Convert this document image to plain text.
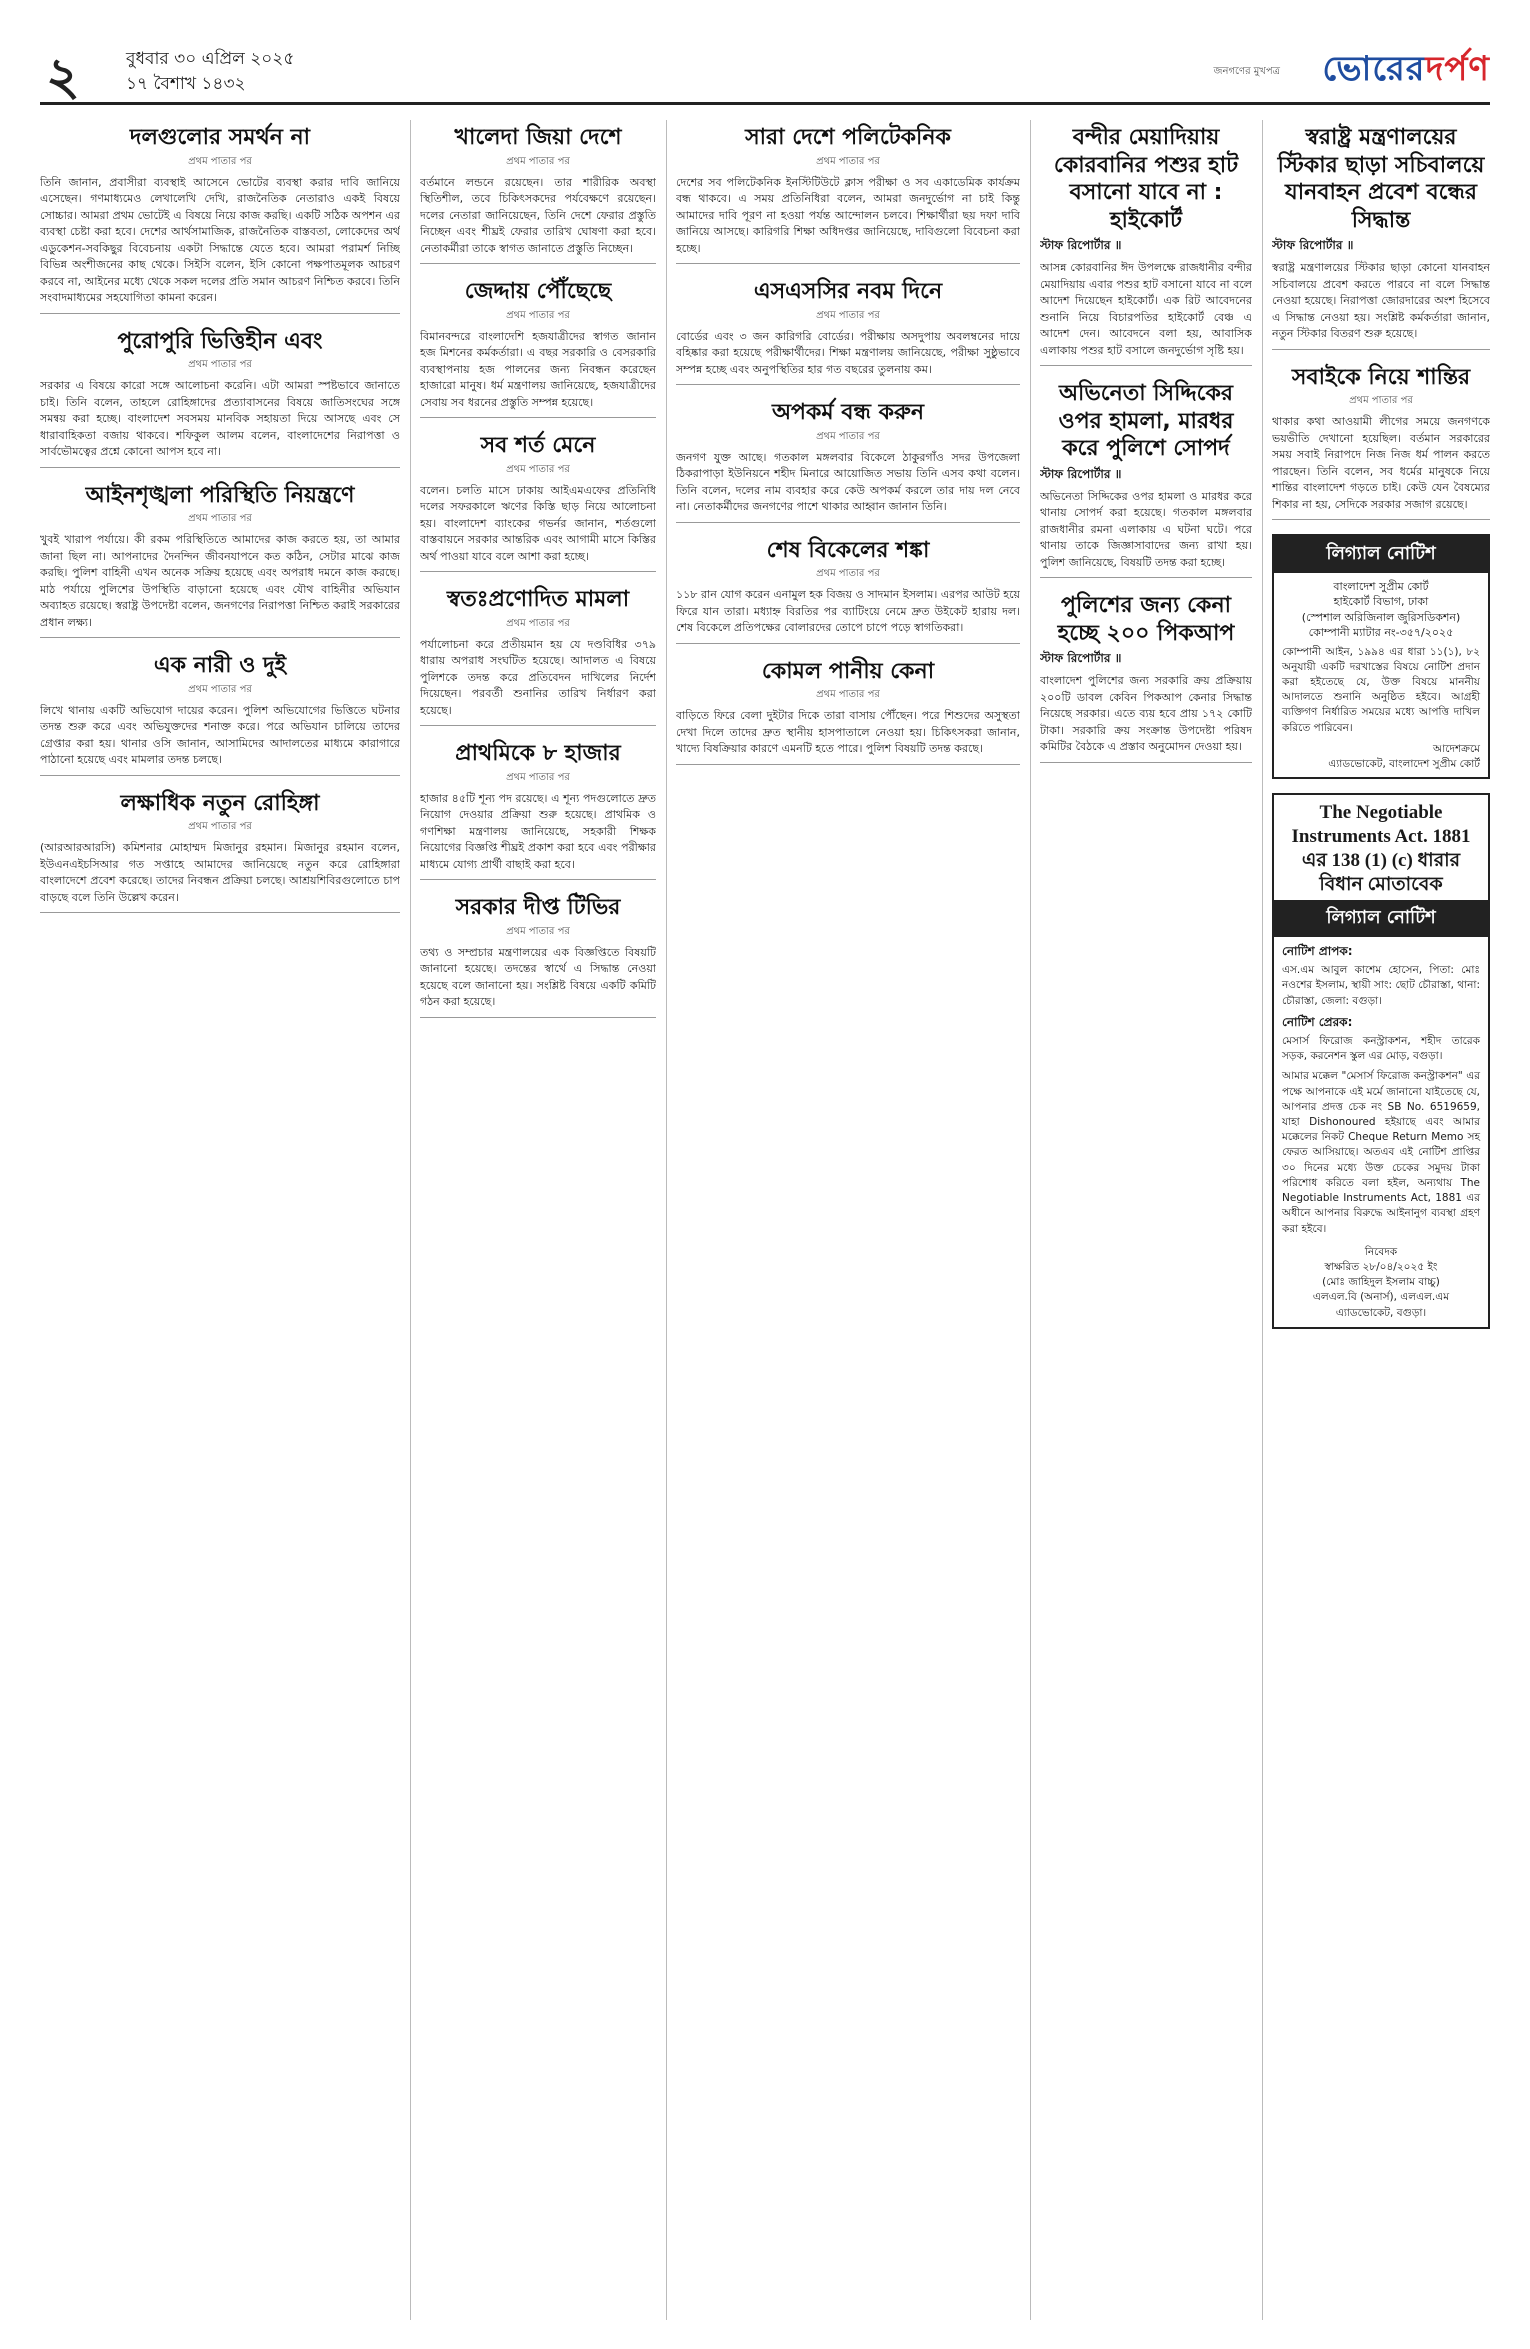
২	বুধবার ৩০ এপ্রিল ২০২৫
১৭ বৈশাখ ১৪৩২
জনগণের মুখপত্র	ভোরেরদর্পণ
দলগুলোর সমর্থন না
প্রথম পাতার পর
তিনি জানান, প্রবাসীরা ব্যবস্থাই আসেনে ভোটের ব্যবস্থা করার দাবি জানিয়ে এসেছেন। গণমাধ্যমেও লেখালেখি দেখি, রাজনৈতিক নেতারাও একই বিষয়ে সোচ্চার। আমরা প্রথম ভোটেই এ বিষয়ে নিয়ে কাজ করছি। একটি সঠিক অপশন এর ব্যবস্থা চেষ্টা করা হবে। দেশের আর্থসামাজিক, রাজনৈতিক বাস্তবতা, লোকেদের অর্থ এডুকেশন-সবকিছুর বিবেচনায় একটা সিদ্ধান্তে যেতে হবে। আমরা পরামর্শ নিচ্ছি বিভিন্ন অংশীজনের কাছ থেকে। সিইসি বলেন, ইসি কোনো পক্ষপাতমূলক আচরণ করবে না, আইনের মধ্যে থেকে সকল দলের প্রতি সমান আচরণ নিশ্চিত করবে। তিনি সংবাদমাধ্যমের সহযোগিতা কামনা করেন।
পুরোপুরি ভিত্তিহীন এবং
প্রথম পাতার পর
সরকার এ বিষয়ে কারো সঙ্গে আলোচনা করেনি। এটা আমরা স্পষ্টভাবে জানাতে চাই। তিনি বলেন, তাহলে রোহিঙ্গাদের প্রত্যাবাসনের বিষয়ে জাতিসংঘের সঙ্গে সমন্বয় করা হচ্ছে। বাংলাদেশ সবসময় মানবিক সহায়তা দিয়ে আসছে এবং সে ধারাবাহিকতা বজায় থাকবে। শফিকুল আলম বলেন, বাংলাদেশের নিরাপত্তা ও সার্বভৌমত্বের প্রশ্নে কোনো আপস হবে না।
আইনশৃঙ্খলা পরিস্থিতি নিয়ন্ত্রণে
প্রথম পাতার পর
খুবই খারাপ পর্যায়ে। কী রকম পরিস্থিতিতে আমাদের কাজ করতে হয়, তা আমার জানা ছিল না। আপনাদের দৈনন্দিন জীবনযাপনে কত কঠিন, সেটার মাঝে কাজ করছি। পুলিশ বাহিনী এখন অনেক সক্রিয় হয়েছে এবং অপরাধ দমনে কাজ করছে। মাঠ পর্যায়ে পুলিশের উপস্থিতি বাড়ানো হয়েছে এবং যৌথ বাহিনীর অভিযান অব্যাহত রয়েছে। স্বরাষ্ট্র উপদেষ্টা বলেন, জনগণের নিরাপত্তা নিশ্চিত করাই সরকারের প্রধান লক্ষ্য।
এক নারী ও দুই
প্রথম পাতার পর
লিখে থানায় একটি অভিযোগ দায়ের করেন। পুলিশ অভিযোগের ভিত্তিতে ঘটনার তদন্ত শুরু করে এবং অভিযুক্তদের শনাক্ত করে। পরে অভিযান চালিয়ে তাদের গ্রেপ্তার করা হয়। থানার ওসি জানান, আসামিদের আদালতের মাধ্যমে কারাগারে পাঠানো হয়েছে এবং মামলার তদন্ত চলছে।
লক্ষাধিক নতুন রোহিঙ্গা
প্রথম পাতার পর
(আরআরআরসি) কমিশনার মোহাম্মদ মিজানুর রহমান। মিজানুর রহমান বলেন, ইউএনএইচসিআর গত সপ্তাহে আমাদের জানিয়েছে নতুন করে রোহিঙ্গারা বাংলাদেশে প্রবেশ করেছে। তাদের নিবন্ধন প্রক্রিয়া চলছে। আশ্রয়শিবিরগুলোতে চাপ বাড়ছে বলে তিনি উল্লেখ করেন।
খালেদা জিয়া দেশে
প্রথম পাতার পর
বর্তমানে লন্ডনে রয়েছেন। তার শারীরিক অবস্থা স্থিতিশীল, তবে চিকিৎসকদের পর্যবেক্ষণে রয়েছেন। দলের নেতারা জানিয়েছেন, তিনি দেশে ফেরার প্রস্তুতি নিচ্ছেন এবং শীঘ্রই ফেরার তারিখ ঘোষণা করা হবে। নেতাকর্মীরা তাকে স্বাগত জানাতে প্রস্তুতি নিচ্ছেন।
জেদ্দায় পৌঁছেছে
প্রথম পাতার পর
বিমানবন্দরে বাংলাদেশি হজযাত্রীদের স্বাগত জানান হজ মিশনের কর্মকর্তারা। এ বছর সরকারি ও বেসরকারি ব্যবস্থাপনায় হজ পালনের জন্য নিবন্ধন করেছেন হাজারো মানুষ। ধর্ম মন্ত্রণালয় জানিয়েছে, হজযাত্রীদের সেবায় সব ধরনের প্রস্তুতি সম্পন্ন হয়েছে।
সব শর্ত মেনে
প্রথম পাতার পর
বলেন। চলতি মাসে ঢাকায় আইএমএফের প্রতিনিধি দলের সফরকালে ঋণের কিস্তি ছাড় নিয়ে আলোচনা হয়। বাংলাদেশ ব্যাংকের গভর্নর জানান, শর্তগুলো বাস্তবায়নে সরকার আন্তরিক এবং আগামী মাসে কিস্তির অর্থ পাওয়া যাবে বলে আশা করা হচ্ছে।
স্বতঃপ্রণোদিত মামলা
প্রথম পাতার পর
পর্যালোচনা করে প্রতীয়মান হয় যে দণ্ডবিধির ৩৭৯ ধারায় অপরাধ সংঘটিত হয়েছে। আদালত এ বিষয়ে পুলিশকে তদন্ত করে প্রতিবেদন দাখিলের নির্দেশ দিয়েছেন। পরবর্তী শুনানির তারিখ নির্ধারণ করা হয়েছে।
প্রাথমিকে ৮ হাজার
প্রথম পাতার পর
হাজার ৪৫টি শূন্য পদ রয়েছে। এ শূন্য পদগুলোতে দ্রুত নিয়োগ দেওয়ার প্রক্রিয়া শুরু হয়েছে। প্রাথমিক ও গণশিক্ষা মন্ত্রণালয় জানিয়েছে, সহকারী শিক্ষক নিয়োগের বিজ্ঞপ্তি শীঘ্রই প্রকাশ করা হবে এবং পরীক্ষার মাধ্যমে যোগ্য প্রার্থী বাছাই করা হবে।
সরকার দীপ্ত টিভির
প্রথম পাতার পর
তথ্য ও সম্প্রচার মন্ত্রণালয়ের এক বিজ্ঞপ্তিতে বিষয়টি জানানো হয়েছে। তদন্তের স্বার্থে এ সিদ্ধান্ত নেওয়া হয়েছে বলে জানানো হয়। সংশ্লিষ্ট বিষয়ে একটি কমিটি গঠন করা হয়েছে।
সারা দেশে পলিটেকনিক
প্রথম পাতার পর
দেশের সব পলিটেকনিক ইনস্টিটিউটে ক্লাস পরীক্ষা ও সব একাডেমিক কার্যক্রম বন্ধ থাকবে। এ সময় প্রতিনিধিরা বলেন, আমরা জনদুর্ভোগ না চাই কিন্তু আমাদের দাবি পূরণ না হওয়া পর্যন্ত আন্দোলন চলবে। শিক্ষার্থীরা ছয় দফা দাবি জানিয়ে আসছে। কারিগরি শিক্ষা অধিদপ্তর জানিয়েছে, দাবিগুলো বিবেচনা করা হচ্ছে।
এসএসসির নবম দিনে
প্রথম পাতার পর
বোর্ডের এবং ৩ জন কারিগরি বোর্ডের। পরীক্ষায় অসদুপায় অবলম্বনের দায়ে বহিষ্কার করা হয়েছে পরীক্ষার্থীদের। শিক্ষা মন্ত্রণালয় জানিয়েছে, পরীক্ষা সুষ্ঠুভাবে সম্পন্ন হচ্ছে এবং অনুপস্থিতির হার গত বছরের তুলনায় কম।
অপকর্ম বন্ধ করুন
প্রথম পাতার পর
জনগণ যুক্ত আছে। গতকাল মঙ্গলবার বিকেলে ঠাকুরগাঁও সদর উপজেলা ঠিকরাপাড়া ইউনিয়নে শহীদ মিনারে আয়োজিত সভায় তিনি এসব কথা বলেন। তিনি বলেন, দলের নাম ব্যবহার করে কেউ অপকর্ম করলে তার দায় দল নেবে না। নেতাকর্মীদের জনগণের পাশে থাকার আহ্বান জানান তিনি।
শেষ বিকেলের শঙ্কা
প্রথম পাতার পর
১১৮ রান যোগ করেন এনামুল হক বিজয় ও সাদমান ইসলাম। এরপর আউট হয়ে ফিরে যান তারা। মধ্যাহ্ন বিরতির পর ব্যাটিংয়ে নেমে দ্রুত উইকেট হারায় দল। শেষ বিকেলে প্রতিপক্ষের বোলারদের তোপে চাপে পড়ে স্বাগতিকরা।
কোমল পানীয় কেনা
প্রথম পাতার পর
বাড়িতে ফিরে বেলা দুইটার দিকে তারা বাসায় পৌঁছেন। পরে শিশুদের অসুস্থতা দেখা দিলে তাদের দ্রুত স্থানীয় হাসপাতালে নেওয়া হয়। চিকিৎসকরা জানান, খাদ্যে বিষক্রিয়ার কারণে এমনটি হতে পারে। পুলিশ বিষয়টি তদন্ত করছে।
বন্দীর মেয়াদিয়ায় কোরবানির পশুর হাট বসানো যাবে না : হাইকোর্ট
স্টাফ রিপোর্টার ॥
আসন্ন কোরবানির ঈদ উপলক্ষে রাজধানীর বন্দীর মেয়াদিয়ায় এবার পশুর হাট বসানো যাবে না বলে আদেশ দিয়েছেন হাইকোর্ট। এক রিট আবেদনের শুনানি নিয়ে বিচারপতির হাইকোর্ট বেঞ্চ এ আদেশ দেন। আবেদনে বলা হয়, আবাসিক এলাকায় পশুর হাট বসালে জনদুর্ভোগ সৃষ্টি হয়।
অভিনেতা সিদ্দিকের ওপর হামলা, মারধর করে পুলিশে সোপর্দ
স্টাফ রিপোর্টার ॥
অভিনেতা সিদ্দিকের ওপর হামলা ও মারধর করে থানায় সোপর্দ করা হয়েছে। গতকাল মঙ্গলবার রাজধানীর রমনা এলাকায় এ ঘটনা ঘটে। পরে থানায় তাকে জিজ্ঞাসাবাদের জন্য রাখা হয়। পুলিশ জানিয়েছে, বিষয়টি তদন্ত করা হচ্ছে।
পুলিশের জন্য কেনা হচ্ছে ২০০ পিকআপ
স্টাফ রিপোর্টার ॥
বাংলাদেশ পুলিশের জন্য সরকারি ক্রয় প্রক্রিয়ায় ২০০টি ডাবল কেবিন পিকআপ কেনার সিদ্ধান্ত নিয়েছে সরকার। এতে ব্যয় হবে প্রায় ১৭২ কোটি টাকা। সরকারি ক্রয় সংক্রান্ত উপদেষ্টা পরিষদ কমিটির বৈঠকে এ প্রস্তাব অনুমোদন দেওয়া হয়।
স্বরাষ্ট্র মন্ত্রণালয়ের স্টিকার ছাড়া সচিবালয়ে যানবাহন প্রবেশ বন্ধের সিদ্ধান্ত
স্টাফ রিপোর্টার ॥
স্বরাষ্ট্র মন্ত্রণালয়ের স্টিকার ছাড়া কোনো যানবাহন সচিবালয়ে প্রবেশ করতে পারবে না বলে সিদ্ধান্ত নেওয়া হয়েছে। নিরাপত্তা জোরদারের অংশ হিসেবে এ সিদ্ধান্ত নেওয়া হয়। সংশ্লিষ্ট কর্মকর্তারা জানান, নতুন স্টিকার বিতরণ শুরু হয়েছে।
সবাইকে নিয়ে শান্তির
প্রথম পাতার পর
থাকার কথা আওয়ামী লীগের সময়ে জনগণকে ভয়ভীতি দেখানো হয়েছিল। বর্তমান সরকারের সময় সবাই নিরাপদে নিজ নিজ ধর্ম পালন করতে পারছেন। তিনি বলেন, সব ধর্মের মানুষকে নিয়ে শান্তির বাংলাদেশ গড়তে চাই। কেউ যেন বৈষম্যের শিকার না হয়, সেদিকে সরকার সজাগ রয়েছে।
লিগ্যাল নোটিশ
বাংলাদেশ সুপ্রীম কোর্ট
হাইকোর্ট বিভাগ, ঢাকা
(স্পেশাল অরিজিনাল জুরিসডিকশন)
কোম্পানী ম্যাটার নং-৩৫৭/২০২৫
কোম্পানী আইন, ১৯৯৪ এর ধারা ১১(১), ৮২ অনুযায়ী একটি দরখাস্তের বিষয়ে নোটিশ প্রদান করা হইতেছে যে, উক্ত বিষয়ে মাননীয় আদালতে শুনানি অনুষ্ঠিত হইবে। আগ্রহী ব্যক্তিগণ নির্ধারিত সময়ের মধ্যে আপত্তি দাখিল করিতে পারিবেন।
আদেশক্রমে
এ্যাডভোকেট, বাংলাদেশ সুপ্রীম কোর্ট
The Negotiable Instruments Act. 1881 এর 138 (1) (c) ধারার বিধান মোতাবেক
লিগ্যাল নোটিশ
নোটিশ প্রাপক:
এস.এম আবুল কাশেম হোসেন, পিতা: মোঃ নওশের ইসলাম, স্থায়ী সাং: ছোট চৌরাস্তা, থানা: চৌরাস্তা, জেলা: বগুড়া।
নোটিশ প্রেরক:
মেসার্স ফিরোজ কনস্ট্রাকশন, শহীদ তারেক সড়ক, করনেশন স্কুল এর মোড়, বগুড়া।
আমার মক্কেল "মেসার্স ফিরোজ কনস্ট্রাকশন" এর পক্ষে আপনাকে এই মর্মে জানানো যাইতেছে যে, আপনার প্রদত্ত চেক নং SB No. 6519659, যাহা Dishonoured হইয়াছে এবং আমার মক্কেলের নিকট Cheque Return Memo সহ ফেরত আসিয়াছে। অতএব এই নোটিশ প্রাপ্তির ৩০ দিনের মধ্যে উক্ত চেকের সমুদয় টাকা পরিশোধ করিতে বলা হইল, অন্যথায় The Negotiable Instruments Act, 1881 এর অধীনে আপনার বিরুদ্ধে আইনানুগ ব্যবস্থা গ্রহণ করা হইবে।
নিবেদক
স্বাক্ষরিত ২৮/০৪/২০২৫ ইং
(মোঃ জাহিদুল ইসলাম বাচ্চু)
এলএল.বি (অনার্স), এলএল.এম
এ্যাডভোকেট, বগুড়া।
